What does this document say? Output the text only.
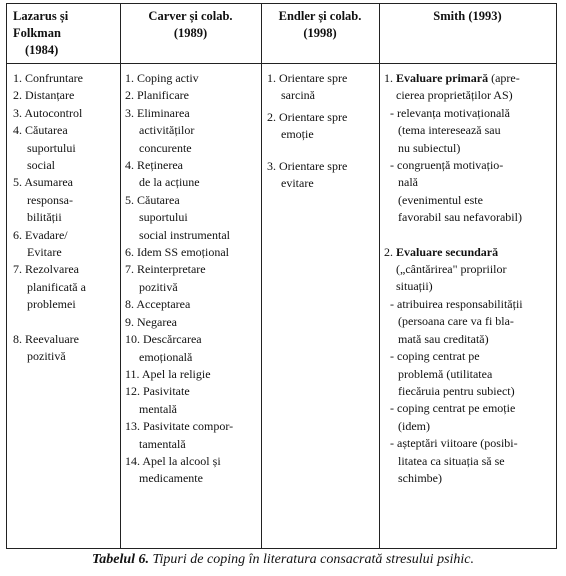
Lazarus și
Folkman
(1984)
Carver și colab.
(1989)
Endler și colab.
(1998)
Smith (1993)
1. Confruntare
2. Distanțare
3. Autocontrol
4. Căutarea
suportului
social
5. Asumarea
responsa-
bilității
6. Evadare/
Evitare
7. Rezolvarea
planificată a
problemei
8. Reevaluare
pozitivă
1. Coping activ
2. Planificare
3. Eliminarea
activităților
concurente
4. Reținerea
de la acțiune
5. Căutarea
suportului
social instrumental
6. Idem SS emoțional
7. Reinterpretare
pozitivă
8. Acceptarea
9. Negarea
10. Descărcarea
emoțională
11. Apel la religie
12. Pasivitate
mentală
13. Pasivitate compor-
tamentală
14. Apel la alcool și
medicamente
1. Orientare spre
sarcină
2. Orientare spre
emoție
3. Orientare spre
evitare
1. Evaluare primară (apre-
cierea proprietăților AS)
- relevanța motivațională
(tema interesează sau
nu subiectul)
- congruență motivațio-
nală
(evenimentul este
favorabil sau nefavorabil)
2. Evaluare secundară
(„cântărirea" propriilor
situații)
- atribuirea responsabilității
(persoana care va fi bla-
mată sau creditată)
- coping centrat pe
problemă (utilitatea
fiecăruia pentru subiect)
- coping centrat pe emoție
(idem)
- așteptări viitoare (posibi-
litatea ca situația să se
schimbe)
Tabelul 6. Tipuri de coping în literatura consacrată stresului psihic.
